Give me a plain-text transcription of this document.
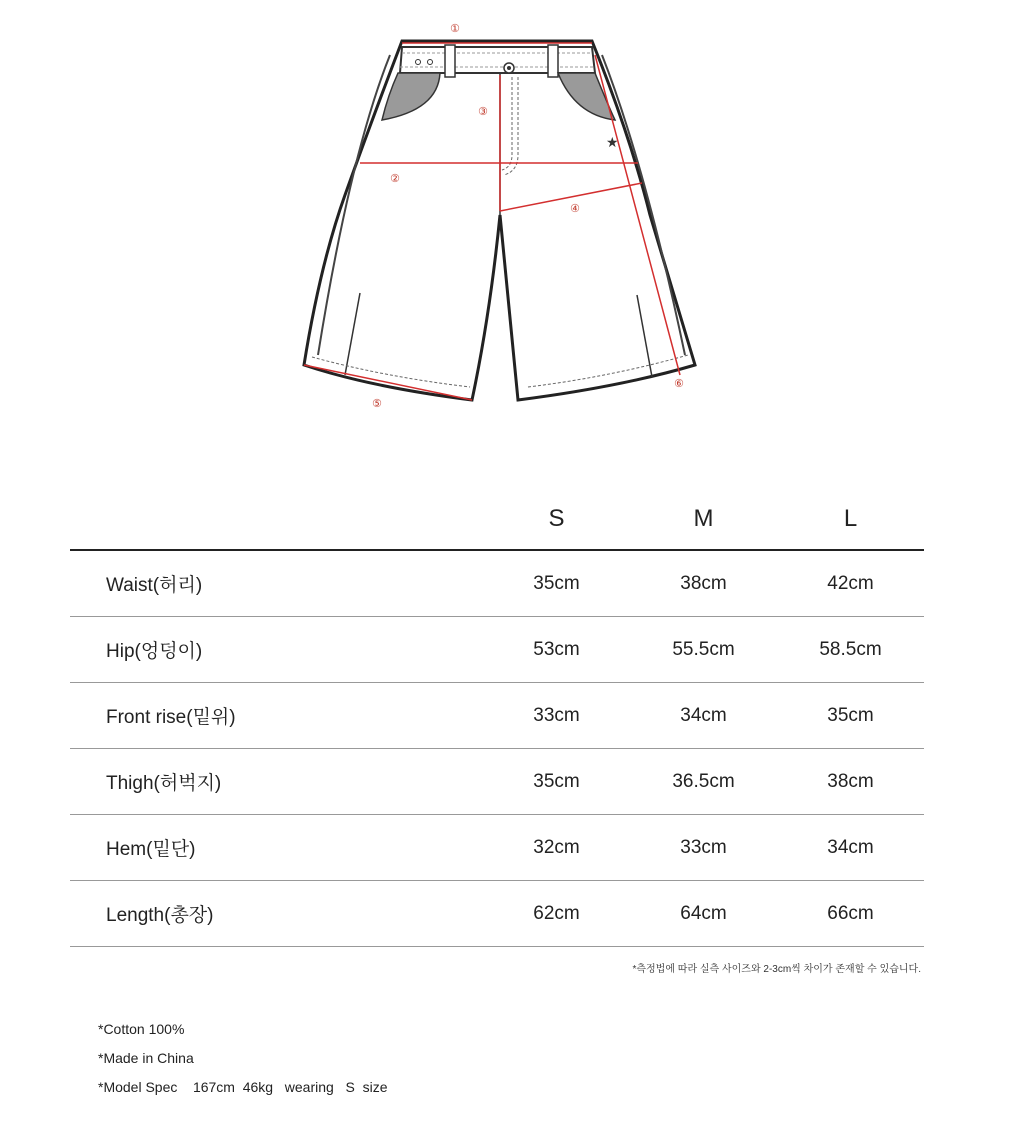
★
①
②
③
④
⑤
⑥
	S	M	L
Waist(허리)	35cm	38cm	42cm
Hip(엉덩이)	53cm	55.5cm	58.5cm
Front rise(밑위)	33cm	34cm	35cm
Thigh(허벅지)	35cm	36.5cm	38cm
Hem(밑단)	32cm	33cm	34cm
Length(총장)	62cm	64cm	66cm
*측정법에 따라 실측 사이즈와 2-3cm씩 차이가 존재할 수 있습니다.
*Cotton 100%
*Made in China
*Model Spec    167cm  46kg   wearing   S  size
